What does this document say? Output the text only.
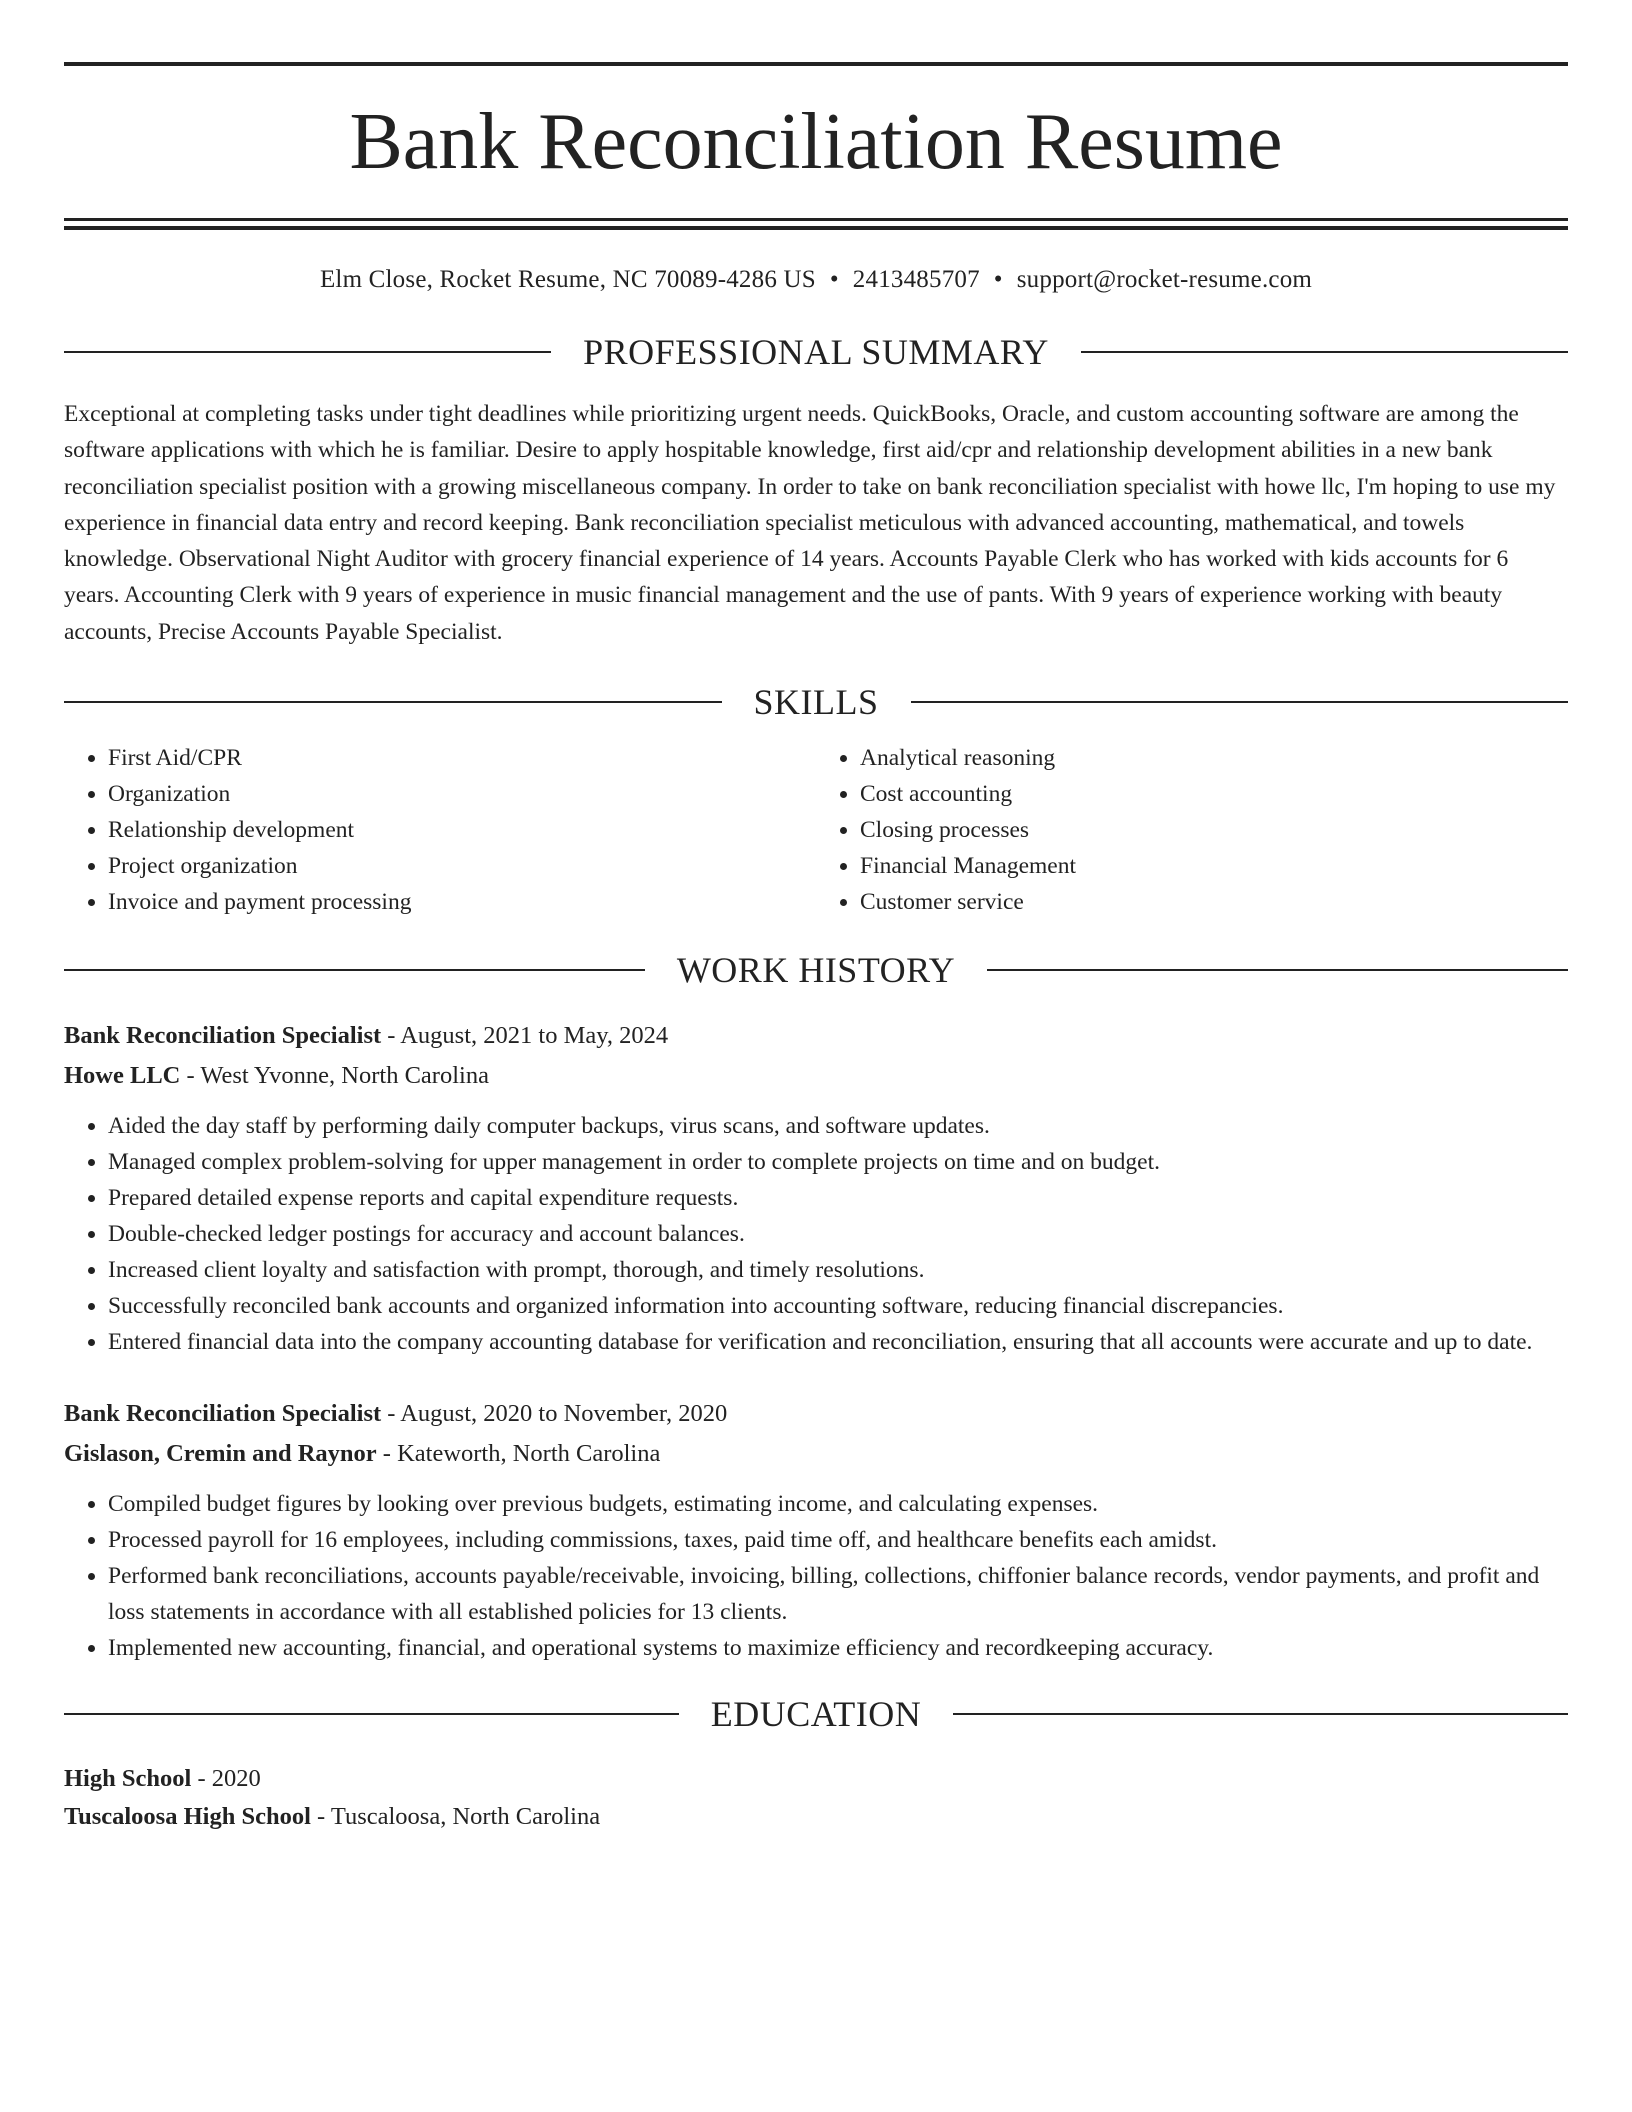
Bank Reconciliation Resume
Elm Close, Rocket Resume, NC 70089-4286 US • 2413485707 • support@rocket-resume.com
PROFESSIONAL SUMMARY

Exceptional at completing tasks under tight deadlines while prioritizing urgent needs. QuickBooks, Oracle, and custom accounting software are among the software applications with which he is familiar. Desire to apply hospitable knowledge, first aid/cpr and relationship development abilities in a new bank reconciliation specialist position with a growing miscellaneous company. In order to take on bank reconciliation specialist with howe llc, I'm hoping to use my experience in financial data entry and record keeping. Bank reconciliation specialist meticulous with advanced accounting, mathematical, and towels knowledge. Observational Night Auditor with grocery financial experience of 14 years. Accounts Payable Clerk who has worked with kids accounts for 6 years. Accounting Clerk with 9 years of experience in music financial management and the use of pants. With 9 years of experience working with beauty accounts, Precise Accounts Payable Specialist.

SKILLS
• First Aid/CPR
• Organization
• Relationship development
• Project organization
• Invoice and payment processing
• Analytical reasoning
• Cost accounting
• Closing processes
• Financial Management
• Customer service
WORK HISTORY
Bank Reconciliation Specialist - August, 2021 to May, 2024
Howe LLC - West Yvonne, North Carolina
• Aided the day staff by performing daily computer backups, virus scans, and software updates.
• Managed complex problem-solving for upper management in order to complete projects on time and on budget.
• Prepared detailed expense reports and capital expenditure requests.
• Double-checked ledger postings for accuracy and account balances.
• Increased client loyalty and satisfaction with prompt, thorough, and timely resolutions.
• Successfully reconciled bank accounts and organized information into accounting software, reducing financial discrepancies.
• Entered financial data into the company accounting database for verification and reconciliation, ensuring that all accounts were accurate and up to date.
Bank Reconciliation Specialist - August, 2020 to November, 2020
Gislason, Cremin and Raynor - Kateworth, North Carolina
• Compiled budget figures by looking over previous budgets, estimating income, and calculating expenses.
• Processed payroll for 16 employees, including commissions, taxes, paid time off, and healthcare benefits each amidst.
• Performed bank reconciliations, accounts payable/receivable, invoicing, billing, collections, chiffonier balance records, vendor payments, and profit and loss statements in accordance with all established policies for 13 clients.
• Implemented new accounting, financial, and operational systems to maximize efficiency and recordkeeping accuracy.
EDUCATION
High School - 2020
Tuscaloosa High School - Tuscaloosa, North Carolina
